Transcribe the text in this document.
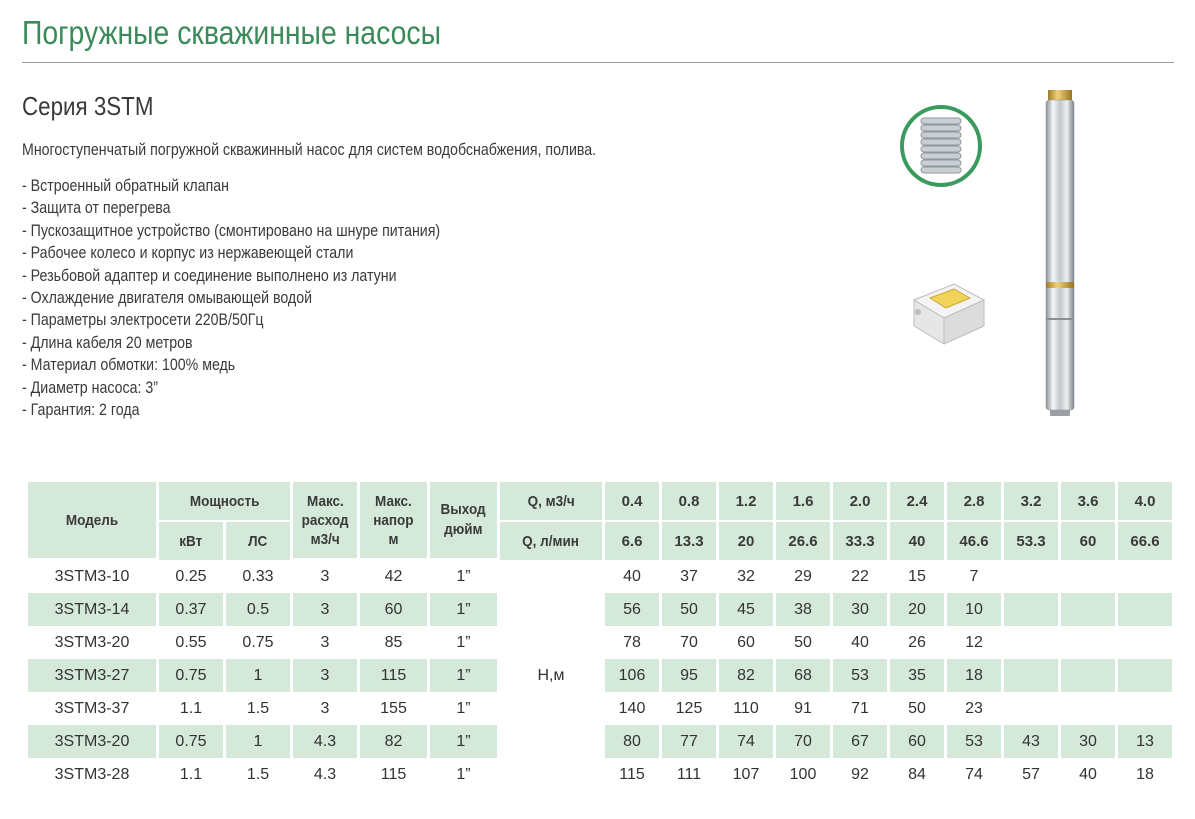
Погружные скважинные насосы
Серия 3STM
Многоступенчатый погружной скважинный насос для систем водобснабжения, полива.
- Встроенный обратный клапан
- Защита от перегрева
- Пускозащитное устройство (смонтировано на шнуре питания)
- Рабочее колесо и корпус из нержавеющей стали
- Резьбовой адаптер и соединение выполнено из латуни
- Охлаждение двигателя омывающей водой
- Параметры электросети 220В/50Гц
- Длина кабеля 20 метров
- Материал обмотки: 100% медь
- Диаметр насоса: 3”
- Гарантия: 2 года
Модель	Мощность		Макс.
расход
м3/ч	Макс.
напор
м	Выход
дюйм	Q, м3/ч	0.4	0.8	1.2	1.6	2.0	2.4	2.8	3.2	3.6	4.0
	кВт	ЛС				Q, л/мин	6.6	13.3	20	26.6	33.3	40	46.6	53.3	60	66.6
3STM3-10	0.25	0.33	3	42	1”	Н,м	40	37	32	29	22	15	7			
3STM3-14	0.37	0.5	3	60	1”		56	50	45	38	30	20	10			
3STM3-20	0.55	0.75	3	85	1”		78	70	60	50	40	26	12			
3STM3-27	0.75	1	3	115	1”		106	95	82	68	53	35	18			
3STM3-37	1.1	1.5	3	155	1”		140	125	110	91	71	50	23			
3STM3-20	0.75	1	4.3	82	1”		80	77	74	70	67	60	53	43	30	13
3STM3-28	1.1	1.5	4.3	115	1”		115	111	107	100	92	84	74	57	40	18
